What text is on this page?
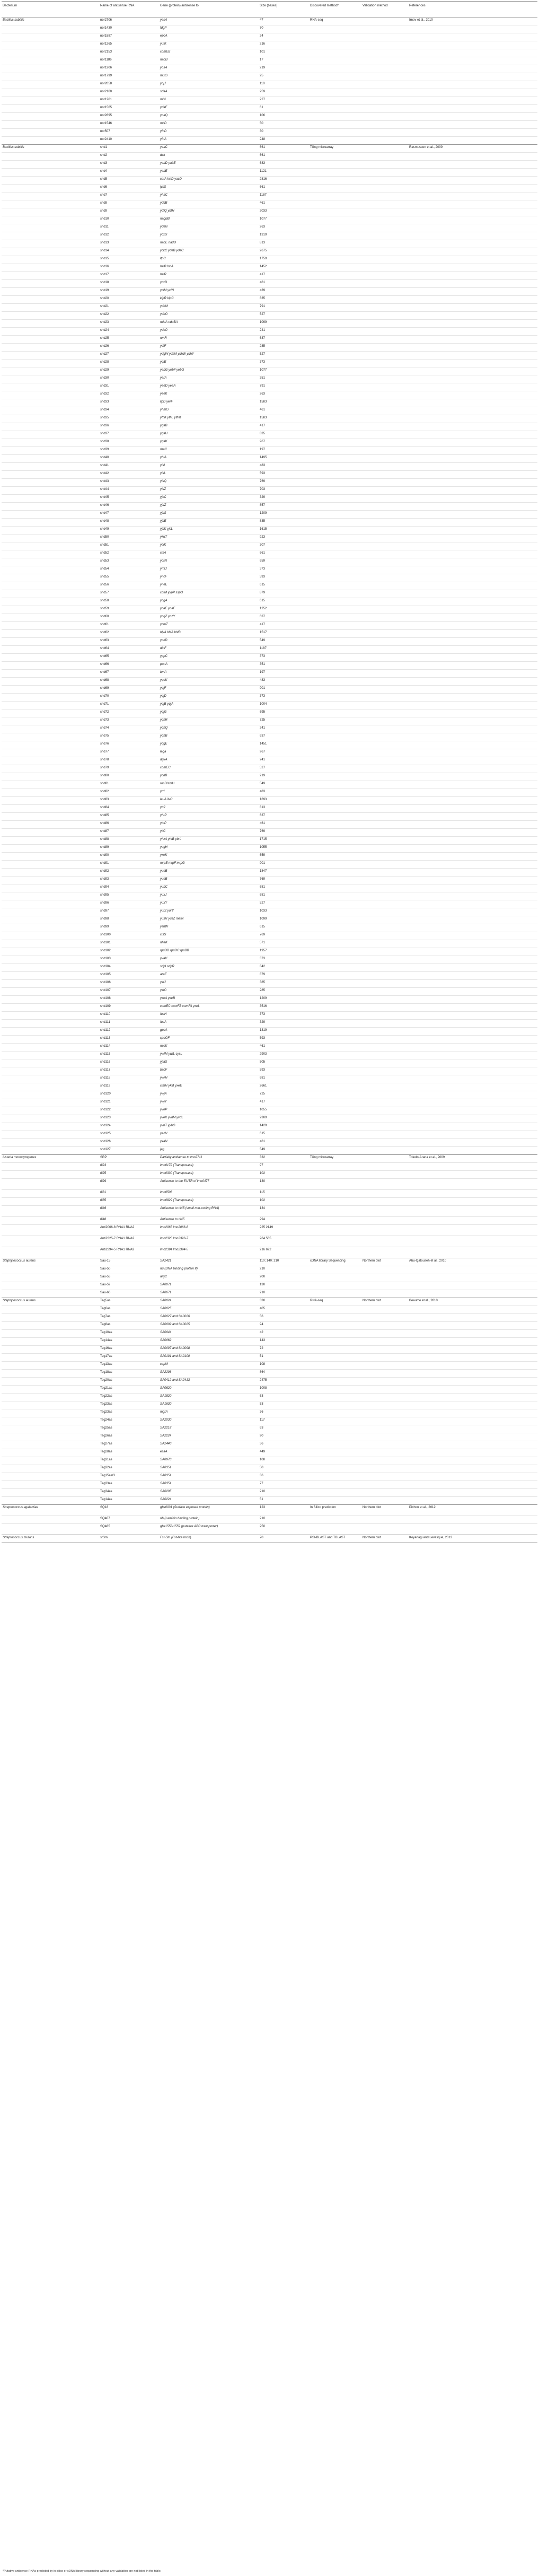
Bacterium	Name of antisense RNA	Gene (protein) antisense to	Size (bases)	Discovered method*	Validation method	References
Bacillus subtilis	nor2706	yesA	47	RNA-seq		Irnov et al., 2010
	nor1430	fdgP	70			
	nor1887	epcA	24			
	nor1265	yutK	216			
	nor2153	comEB	101			
	nor1186	nadB	17			
	nor1206	yosA	219			
	nor1799	mutS	25			
	nor2058	yojJ	110			
	nor2160	sdaA	259			
	nor1201	mlxi	227			
	nor1565	ydaF	61			
	nor2895	yoaQ	106			
	nor1546	mtlD	50			
	nor507	yfhD	30			
	nor2410	yfnA	248			
Bacillus subtilis	shd1	yaaC	661	Tiling microarray		Rasmussen et al., 2009
	shd2	dck	661			
	shd3	yabD yabE	683			
	shd4	yabE	1121			
	shd5	cotA hxlD yacD	2816			
	shd6	lysS	661			
	shd7	yhaC	1187			
	shd8	yddB	461			
	shd9	ydfQ ydfH	2033			
	shd10	nagBB	1077			
	shd11	ydeN	263			
	shd12	ycxU	1319			
	shd13	nadE nadD	813			
	shd14	yckC ydeB ydeC	2675			
	shd15	ltpC	1759			
	shd16	hxlB hxlA	1452			
	shd17	hxlR	417			
	shd18	ycxD	461			
	shd19	yclM ycIN	439			
	shd20	kipR kipC	835			
	shd21	ydbM	791			
	shd22	ydbO	527			
	shd23	ndoA ndoBA	1099			
	shd24	ydcO	241			
	shd25	nmR	637			
	shd26	ydiF	285			
	shd27	ydgW ydhM ydhW ydhY	527			
	shd28	yqiE	373			
	shd29	yebG yebF yebG	1077			
	shd30	yerA	351			
	shd31	yeeD yeeA	791			
	shd32	yeeK	263			
	shd33	lipD yerF	1583			
	shd34	yhmG	461			
	shd35	yfhK yfhL yfhM	1583			
	shd36	ygaB	417			
	shd37	ygaU	835			
	shd38	ygaK	967			
	shd39	rhaC	197			
	shd40	yhtA	1495			
	shd41	yisI	483			
	shd42	yisL	593			
	shd43	yisQ	769			
	shd44	ylsZ	703			
	shd45	yjcC	329			
	shd46	yjaZ	857			
	shd47	yjbS	1209			
	shd48	yjbE	835			
	shd49	yjbK yjcL	1615			
	shd50	ykuT	923			
	shd51	ylxK	307			
	shd52	cisA	661			
	shd53	ycsR	659			
	shd54	ymtJ	373			
	shd55	yncF	593			
	shd56	yneE	615			
	shd57	cotM yxpP sspO	879			
	shd58	yogA	615			
	shd59	ycaE yoaF	1252			
	shd60	yoqZ yozY	637			
	shd61	ycmT	417			
	shd62	blyA bhlA bhlB	1517			
	shd63	yokD	549			
	shd64	dinF	1187			
	shd65	yppC	373			
	shd66	ponA	351			
	shd67	bmA	197			
	shd68	yqeK	483			
	shd69	yqjF	901			
	shd70	yqjD	373			
	shd71	yqjB yqjA	1004			
	shd72	yqjG	695			
	shd73	yqhR	725			
	shd74	yqhQ	241			
	shd75	yqhB	637			
	shd76	yqgE	1451			
	shd77	lega	967			
	shd78	dgkA	241			
	shd79	comEC	527			
	shd80	ycdB	219			
	shd81	rocD/sbrH	549			
	shd82	yrrl	483			
	shd83	leuA ilvC	1693			
	shd84	ytrJ	813			
	shd85	yhrP	637			
	shd86	ytoP	461			
	shd87	ytlC	769			
	shd88	yhzA yhtB ybrL	1715			
	shd89	yugH	1055			
	shd90	yxeK	659			
	shd91	mrpE mrpF mrpG	901			
	shd92	yueB	1847			
	shd93	yueB	769			
	shd94	yubC	681			
	shd95	yuxJ	681			
	shd96	yuxY	527			
	shd97	yurZ yurY	1033			
	shd98	yusR yusZ metN	1099			
	shd99	yshW	615			
	shd100	cisS	769			
	shd101	nhaK	571			
	shd102	rpuDD rpuDC rpuBB	1957			
	shd103	yvaV	373			
	shd104	sdpI sdpR	842			
	shd105	araE	879			
	shd106	yxfJ	385			
	shd107	yxlO	285			
	shd108	yxeA yxeB	1209			
	shd109	comEC comFB comFA yxeL	3516			
	shd110	fusH	373			
	shd111	fusA	329			
	shd112	gpsA	1319			
	shd113	spoOF	593			
	shd114	nesK	461			
	shd115	ywfM ywfL cysL	2903			
	shd116	yjtaS	505			
	shd117	bacF	593			
	shd118	ywrH	681			
	shd119	cimH ykM yxeE	2661			
	shd120	ywjA	725			
	shd121	ywjY	417			
	shd122	yvoP	1055			
	shd123	yveK yvdM yvdL	2309			
	shd124	yvbT yybG	1429			
	shd125	yebV	615			
	shd126	yxaN	461			
	shd127	jag	549			
Listeria monocytogenes	SRP	Partially antisense to lmo2711	332	Tiling microarray		Toledo-Arana et al., 2009
	rli23	lmo0172 (Transposase)	97			
	rli25	lmo0330 (Transposase)	102			
	rli29	Antisense to the 5′UTR of lmo0477	130			
	rli31	lmo0506	115			
	rli35	lmo0829 (Transposase)	102			
	rli46	Antisense to rli45 (small non-coding RNA)	134			
	rli48	Antisense to rli45	294			
	Anti2066-8 RNA1 RNA2	lmo2065 lmo2066-8	225 2149			
	Anti2325-7 RNA1 RNA2	lmo2325 lmo2326-7	264 565			
	Anti2394-5 RNA1 RNA2	lmo2394 lmo2394-5	216 692			
Staphylococcus aureus	Sau-15	SA2421	110; 140; 210	cDNA library Sequencing	Northern blot	Abu-Qatouseh et al., 2010
	Sau-50	nu (DNA binding protein II)	210			
	Sau-53	argC	200			
	Sau-59	SA0071	130			
	Sau-66	SA0671	210			
Staphylococcus aureus	Teg5as	SA0024	330	RNA-seq	Northern blot	Beaume et al., 2010
	Teg6as	SA0025	405			
	Teg7as	SA0027 and SA0026	56			
	Teg8as	SA0002 and SA0025	94			
	Teg10as	SA0044	42			
	Teg14as	SA0062	143			
	Teg16as	SA0097 and SA0098	72			
	Teg17as	SA0101 and SA0100	51			
	Teg13as	capM	108			
	Teg18as	SA2206	864			
	Teg20as	SA0412 and SA0413	2475			
	Teg21as	SA0620	1008			
	Teg22as	SA1820	63			
	Teg23as	SA1630	53			
	Teg23as	mgrA	36			
	Teg24as	SA2030	117			
	Teg25as	SA2218	63			
	Teg26as	SA2224	90			
	Teg27as	SA2440	36			
	Teg28as	esaA	449			
	Teg31as	SA0970	108			
	Teg32as	SA0351	50			
	Teg15as/3	SA0351	36			
	Teg33as	SA0351	77			
	Teg34as	SA0205	210			
	Teg14as	SA0224	51			
Streptococcus agalactiae	SQ18	gbs0031 (Surface exposed protein)	123	In Silico prediction	Northern blot	Pichon et al., 2012
	SQ407	rib (Laminin binding protein)	210			
	SQ485	gbs1558/1559 (putative ABC transporter)	250			
Streptococcus mutans	srSm	Fst-Sm (Fst-like toxin)	70	PSI-BLAST and TBLAST	Northern blot	Koyanagi and Lévesque, 2013
*Putative antisense RNAs predicted by in silico or cDNA library sequencing without any validation are not listed in the table.
